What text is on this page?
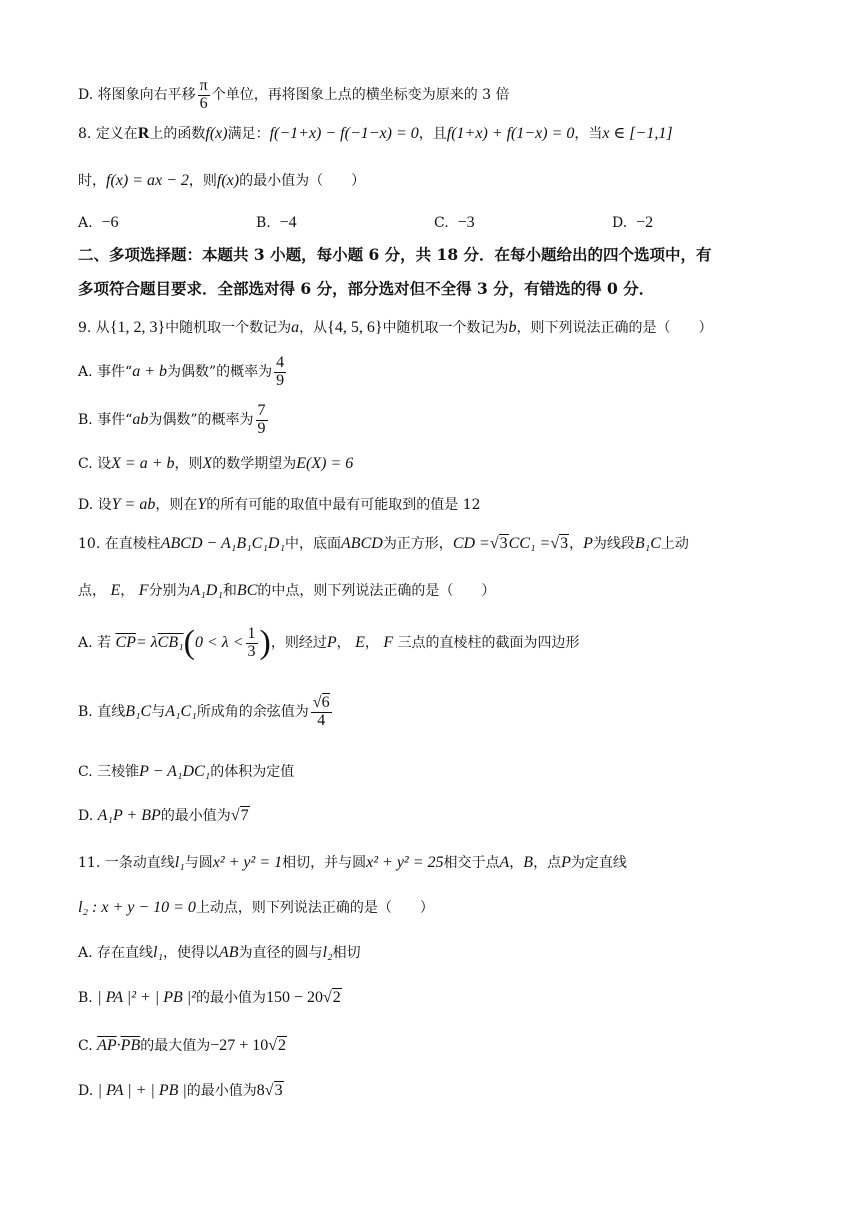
D.
将图象向右平移 $\frac{\pi}{6}$ 个单位，再将图象上点的横坐标变为原来的 3 倍
8.
定义在 R 上的函数 f(x) 满足： f(−1+x) − f(−1−x) = 0 ，且 f(1+x) + f(1−x) = 0 ，当 x ∈ [−1,1]
时， f(x) = ax − 2 ，则 f(x) 的最小值为（　　）
A. −6	B. −4	C. −3	D. −2
二、多项选择题：本题共 3 小题，每小题 6 分，共 18 分．在每小题给出的四个选项中，有
多项符合题目要求．全部选对得 6 分，部分选对但不全得 3 分，有错选的得 0 分．
9. 从 {1, 2, 3} 中随机取一个数记为 a ，从 {4, 5, 6} 中随机取一个数记为 b ，则下列说法正确的是（　　）
A.
事件“ a + b 为偶数”的概率为 $\frac{4}{9}$
B.
事件“ ab 为偶数”的概率为 $\frac{7}{9}$
C.
设 X = a + b ，则 X 的数学期望为 E(X) = 6
D.
设 Y = ab ，则在 Y 的所有可能的取值中最有可能取到的值是 12
10. 在直棱柱 ABCD − A₁B₁C₁D₁ 中，底面 ABCD 为正方形， CD = √3 CC₁ = √3 ， P 为线段 B₁C 上动
点，
E ，
F 分别为 A₁D₁ 和 BC 的中点，则下列说法正确的是（　　）
A.
若
$\overline{CP} = \lambda$ CB₁ ( $0 < \lambda < \frac{1}{3}$ ) ，则经过 P ，
E ，
F
三点的直棱柱的截面为四边形
B.
直线 B₁C 与 A₁C₁ 所成角的余弦值为 $\frac{√6}{4}$
C.
三棱锥 P − A₁DC₁ 的体积为定值
D.
A₁P + BP 的最小值为 √7
11. 一条动直线 l₁ 与圆 x² + y² = 1 相切，并与圆 x² + y² = 25 相交于点 A ， B ，点 P 为定直线
l₂ : x + y − 10 = 0 上动点，则下列说法正确的是（　　）
A.
存在直线 l₁ ，使得以 AB 为直径的圆与 l₂ 相切
B.
| PA |² + | PB |² 的最小值为 150 − 20 √2
C.
$\overline{AP} \cdot \overline{PB}$ 的最大值为 −27 + 10 √2
D.
| PA | + | PB | 的最小值为 8 √3
